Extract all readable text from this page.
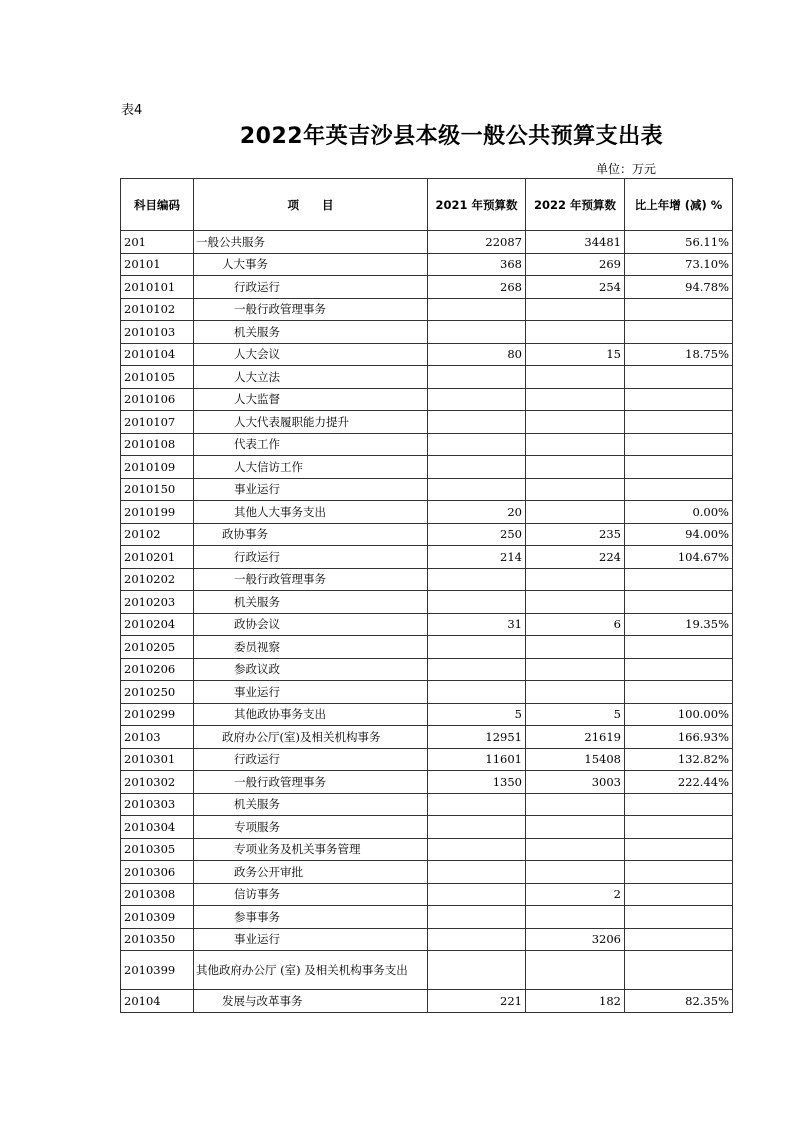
表4
2022年英吉沙县本级一般公共预算支出表
单位：万元
科目编码	项　　目	2021 年预算数	2022 年预算数	比上年增 (减) %
201	一般公共服务	22087	34481	56.11%
20101	人大事务	368	269	73.10%
2010101	行政运行	268	254	94.78%
2010102	一般行政管理事务			
2010103	机关服务			
2010104	人大会议	80	15	18.75%
2010105	人大立法			
2010106	人大监督			
2010107	人大代表履职能力提升			
2010108	代表工作			
2010109	人大信访工作			
2010150	事业运行			
2010199	其他人大事务支出	20		0.00%
20102	政协事务	250	235	94.00%
2010201	行政运行	214	224	104.67%
2010202	一般行政管理事务			
2010203	机关服务			
2010204	政协会议	31	6	19.35%
2010205	委员视察			
2010206	参政议政			
2010250	事业运行			
2010299	其他政协事务支出	5	5	100.00%
20103	政府办公厅(室)及相关机构事务	12951	21619	166.93%
2010301	行政运行	11601	15408	132.82%
2010302	一般行政管理事务	1350	3003	222.44%
2010303	机关服务			
2010304	专项服务			
2010305	专项业务及机关事务管理			
2010306	政务公开审批			
2010308	信访事务		2	
2010309	参事事务			
2010350	事业运行		3206	
2010399	其他政府办公厅 (室) 及相关机构事务支出			
20104	发展与改革事务	221	182	82.35%
